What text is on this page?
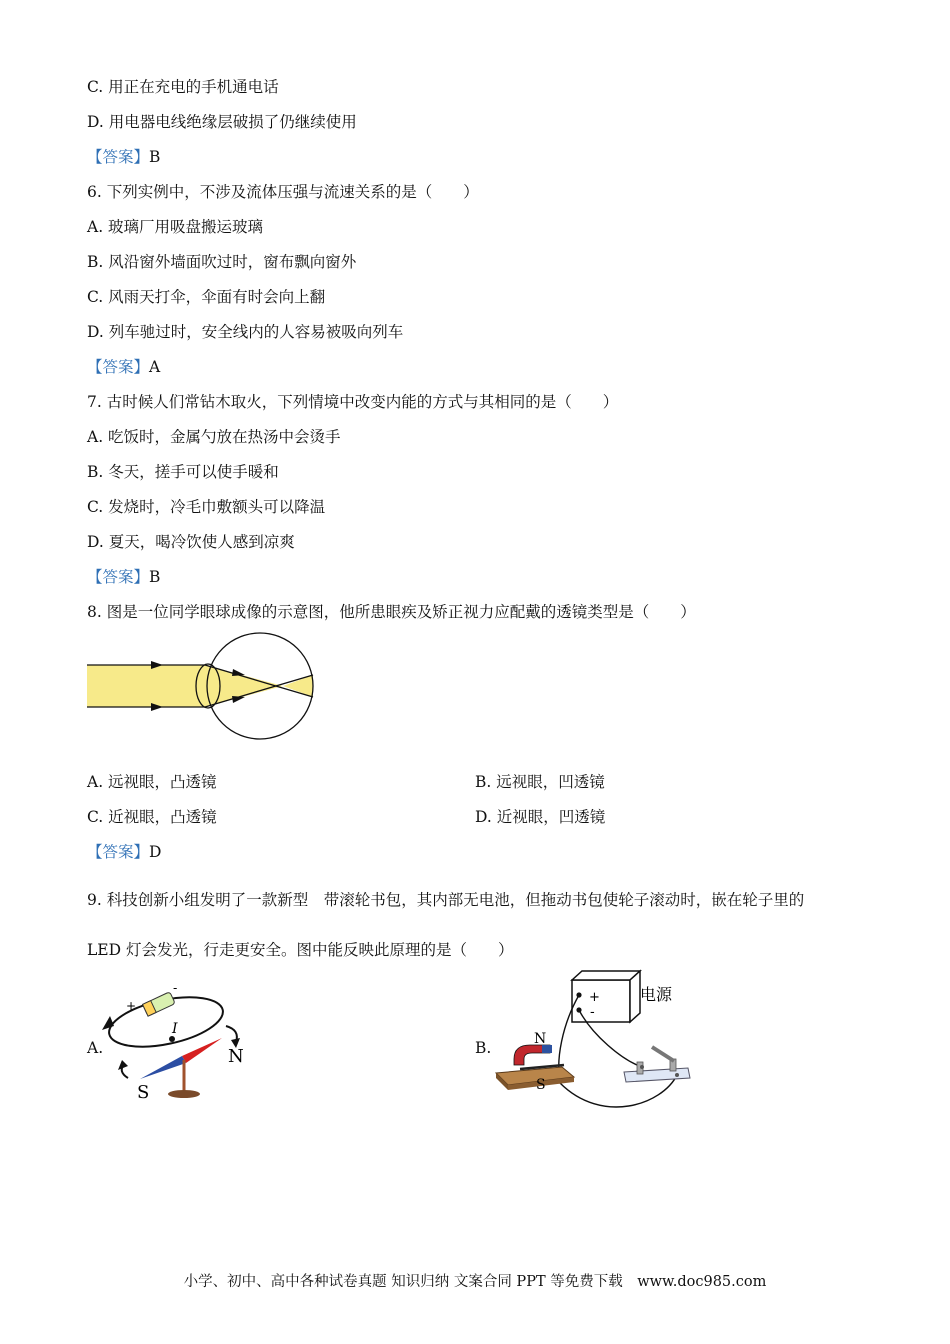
C. 用正在充电的手机通电话
D. 用电器电线绝缘层破损了仍继续使用
【答案】B
6. 下列实例中，不涉及流体压强与流速关系的是（　　）
A. 玻璃厂用吸盘搬运玻璃
B. 风沿窗外墙面吹过时，窗布飘向窗外
C. 风雨天打伞，伞面有时会向上翻
D. 列车驰过时，安全线内的人容易被吸向列车
【答案】A
7. 古时候人们常钻木取火，下列情境中改变内能的方式与其相同的是（　　）
A. 吃饭时，金属勺放在热汤中会烫手
B. 冬天，搓手可以使手暖和
C. 发烧时，冷毛巾敷额头可以降温
D. 夏天，喝冷饮使人感到凉爽
【答案】B
8. 图是一位同学眼球成像的示意图，他所患眼疾及矫正视力应配戴的透镜类型是（　　）
A. 远视眼，凸透镜	B. 远视眼，凹透镜
C. 近视眼，凸透镜	D. 近视眼，凹透镜
【答案】D
9. 科技创新小组发明了一款新型　带滚轮书包，其内部无电池，但拖动书包使轮子滚动时，嵌在轮子里的
LED 灯会发光，行走更安全。图中能反映此原理的是（　　）
A.	B.
+
-
I
N
S
+
-
电源
N
S
小学、初中、高中各种试卷真题 知识归纳 文案合同 PPT 等免费下载　www.doc985.com
